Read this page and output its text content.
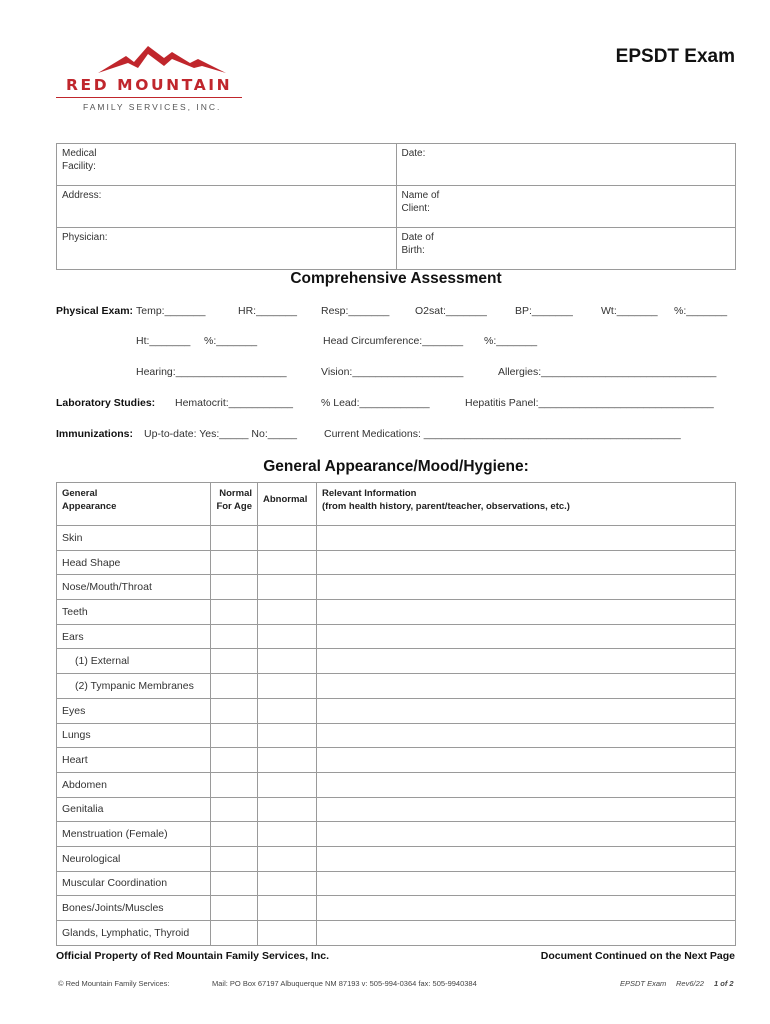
RED MOUNTAIN
FAMILY SERVICES, INC.
EPSDT Exam
Medical Facility:	Date:

Address:	Name of Client:

Physician:	Date of Birth:
Comprehensive Assessment
Physical Exam: Temp:_______	HR:_______ Resp:_______ O2sat:_______	BP:_______	Wt:_______ %:_______
Ht:_______ %:_______	Head Circumference:_______ %:_______
Hearing:___________________	Vision:___________________	Allergies:______________________________
Laboratory Studies: Hematocrit:___________	% Lead:____________	Hepatitis Panel:______________________________
Immunizations: Up-to-date: Yes:_____ No:_____	Current Medications: ____________________________________________
General Appearance/Mood/Hygiene:
General Appearance	Normal For Age	Abnormal	Relevant Information
(from health history, parent/teacher, observations, etc.)

Skin			
Head Shape			
Nose/Mouth/Throat			
Teeth			
Ears			
(1) External			
(2) Tympanic Membranes			
Eyes			
Lungs			
Heart			
Abdomen			
Genitalia			
Menstruation (Female)			
Neurological			
Muscular Coordination			
Bones/Joints/Muscles			
Glands, Lymphatic, Thyroid			
Official Property of Red Mountain Family Services, Inc.	Document Continued on the Next Page
© Red Mountain Family Services:	Mail: PO Box 67197 Albuquerque NM 87193 v: 505-994-0364 fax: 505-9940384	EPSDT Exam Rev6/22 1 of 2
